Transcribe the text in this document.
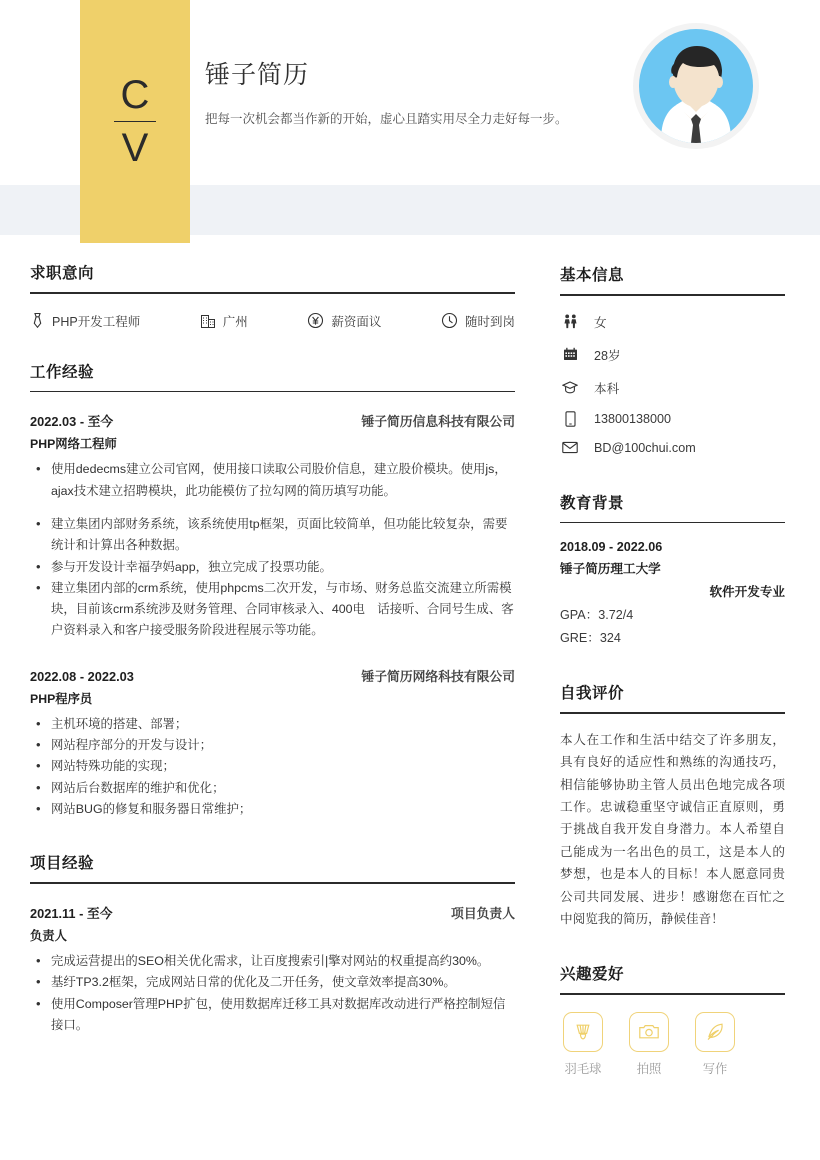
C
V
锤子简历
把每一次机会都当作新的开始，虚心且踏实用尽全力走好每一步。
求职意向
PHP开发工程师	广州	薪资面议	随时到岗
工作经验
2022.03 - 至今	锤子简历信息科技有限公司
PHP网络工程师
• 使用dedecms建立公司官网，使用接口读取公司股价信息，建立股价模块。使用js，ajax技术建立招聘模块，此功能模仿了拉勾网的简历填写功能。
• 建立集团内部财务系统，该系统使用tp框架，页面比较简单，但功能比较复杂，需要统计和计算出各种数据。
• 参与开发设计幸福孕妈app，独立完成了投票功能。
• 建立集团内部的crm系统，使用phpcms二次开发，与市场、财务总监交流建立所需模块，目前该crm系统涉及财务管理、合同审核录入、400电　话接听、合同号生成、客户资料录入和客户接受服务阶段进程展示等功能。
2022.08 - 2022.03	锤子简历网络科技有限公司
PHP程序员
• 主机环境的搭建、部署；
• 网站程序部分的开发与设计；
• 网站特殊功能的实现；
• 网站后台数据库的维护和优化；
• 网站BUG的修复和服务器日常维护；
项目经验
2021.11 - 至今	项目负责人
负责人
• 完成运营提出的SEO相关优化需求，让百度搜索引|擎对网站的权重提高约30%。
• 基纡TP3.2框架，完成网站日常的优化及二开任务，使文章效率提高30%。
• 使用Composer管理PHP扩包，使用数据库迁移工具对数据库改动进行严格控制短信接口。
基本信息
女
28岁
本科
13800138000
BD@100chui.com
教育背景
2018.09 - 2022.06
锤子简历理工大学
软件开发专业
GPA：3.72/4
GRE：324
自我评价
本人在工作和生活中结交了许多朋友，具有良好的适应性和熟练的沟通技巧，相信能够协助主管人员出色地完成各项工作。忠诚稳重坚守诚信正直原则，勇于挑战自我开发自身潜力。本人希望自己能成为一名出色的员工，这是本人的梦想，也是本人的目标！本人愿意同贵公司共同发展、进步！感谢您在百忙之中阅览我的简历，静候佳音！
兴趣爱好
羽毛球	拍照	写作
